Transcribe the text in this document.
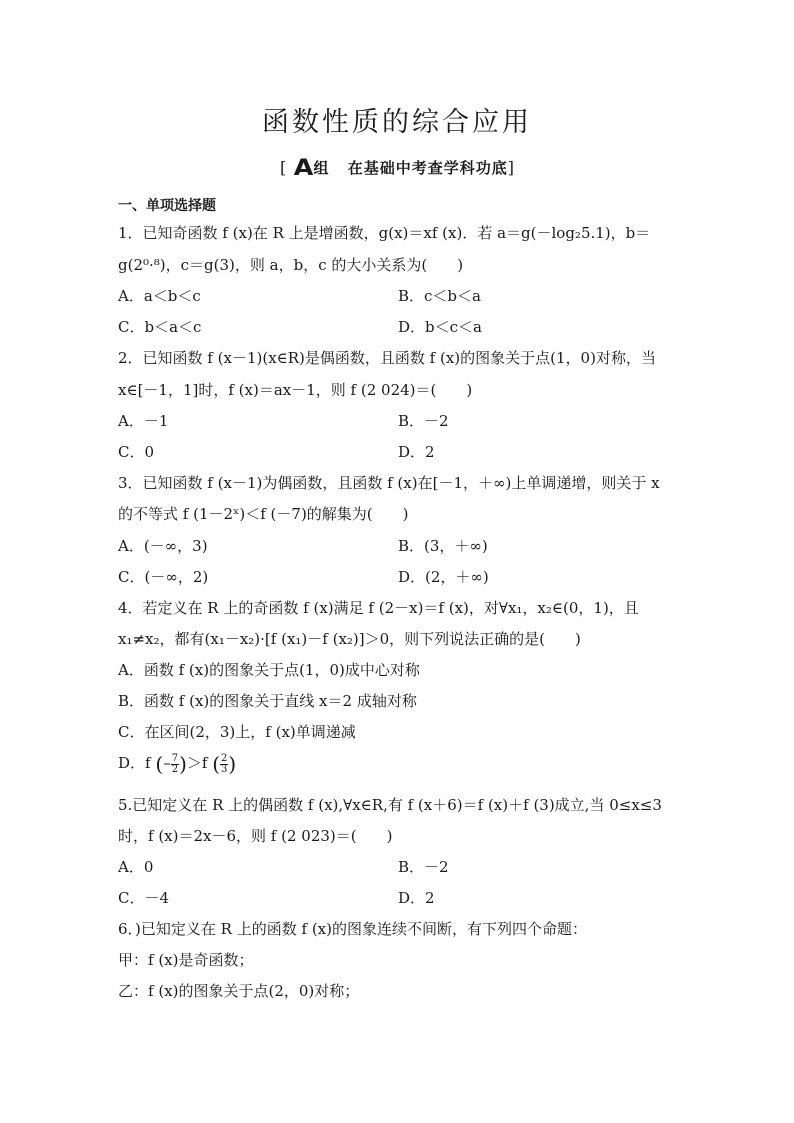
函数性质的综合应用
[ A组 在基础中考查学科功底]
一、单项选择题
1．已知奇函数 f (x)在 R 上是增函数，g(x)＝xf (x)．若 a＝g(－log₂5.1)，b＝
g(2⁰·⁸)，c＝g(3)，则 a，b，c 的大小关系为(　　)
A．a＜b＜c	B．c＜b＜a
C．b＜a＜c	D．b＜c＜a
2．已知函数 f (x－1)(x∈R)是偶函数，且函数 f (x)的图象关于点(1，0)对称，当
x∈[－1，1]时，f (x)＝ax－1，则 f (2 024)＝(　　)
A．－1	B．－2
C．0	D．2
3．已知函数 f (x－1)为偶函数，且函数 f (x)在[－1，＋∞)上单调递增，则关于 x
的不等式 f (1－2ˣ)＜f (－7)的解集为(　　)
A．(－∞，3)	B．(3，＋∞)
C．(－∞，2)	D．(2，＋∞)
4．若定义在 R 上的奇函数 f (x)满足 f (2－x)＝f (x)，对∀x₁，x₂∈(0，1)，且
x₁≠x₂，都有(x₁－x₂)·[f (x₁)－f (x₂)]＞0，则下列说法正确的是(　　)
A．函数 f (x)的图象关于点(1，0)成中心对称
B．函数 f (x)的图象关于直线 x＝2 成轴对称
C．在区间(2，3)上，f (x)单调递减
D．f (– $\frac{7}{2} )>f$ ( $\frac{2}{3}$ )
5.已知定义在 R 上的偶函数 f (x),∀x∈R,有 f (x＋6)＝f (x)＋f (3)成立,当 0≤x≤3
时，f (x)＝2x－6，则 f (2 023)＝(　　)
A．0	B．－2
C．－4	D．2
6．)已知定义在 R 上的函数 f (x)的图象连续不间断，有下列四个命题：
甲：f (x)是奇函数；
乙：f (x)的图象关于点(2，0)对称；
